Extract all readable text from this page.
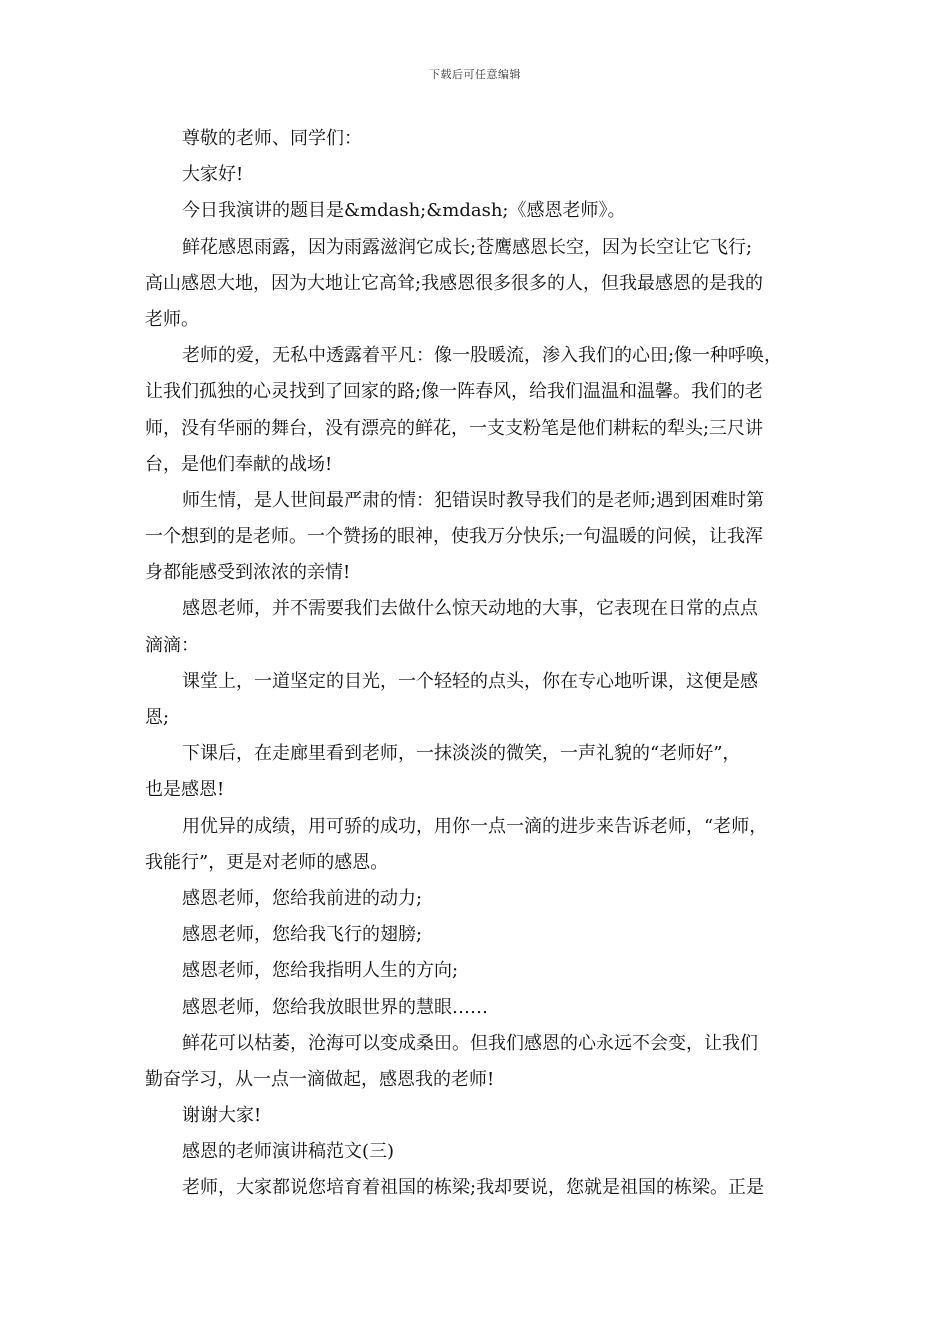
下载后可任意编辑
尊敬的老师、同学们：
大家好!
今日我演讲的题目是&mdash;&mdash;《感恩老师》。
鲜花感恩雨露，因为雨露滋润它成长;苍鹰感恩长空，因为长空让它飞行;
高山感恩大地，因为大地让它高耸;我感恩很多很多的人，但我最感恩的是我的
老师。
老师的爱，无私中透露着平凡：像一股暖流，渗入我们的心田;像一种呼唤，
让我们孤独的心灵找到了回家的路;像一阵春风，给我们温温和温馨。我们的老
师，没有华丽的舞台，没有漂亮的鲜花，一支支粉笔是他们耕耘的犁头;三尺讲
台，是他们奉献的战场!
师生情，是人世间最严肃的情：犯错误时教导我们的是老师;遇到困难时第
一个想到的是老师。一个赞扬的眼神，使我万分快乐;一句温暖的问候，让我浑
身都能感受到浓浓的亲情!
感恩老师，并不需要我们去做什么惊天动地的大事，它表现在日常的点点
滴滴：
课堂上，一道坚定的目光，一个轻轻的点头，你在专心地听课，这便是感
恩;
下课后，在走廊里看到老师，一抹淡淡的微笑，一声礼貌的“老师好”，
也是感恩!
用优异的成绩，用可骄的成功，用你一点一滴的进步来告诉老师，“老师，
我能行”，更是对老师的感恩。
感恩老师，您给我前进的动力;
感恩老师，您给我飞行的翅膀;
感恩老师，您给我指明人生的方向;
感恩老师，您给我放眼世界的慧眼……
鲜花可以枯萎，沧海可以变成桑田。但我们感恩的心永远不会变，让我们
勤奋学习，从一点一滴做起，感恩我的老师!
谢谢大家!
感恩的老师演讲稿范文(三)
老师，大家都说您培育着祖国的栋梁;我却要说，您就是祖国的栋梁。正是
